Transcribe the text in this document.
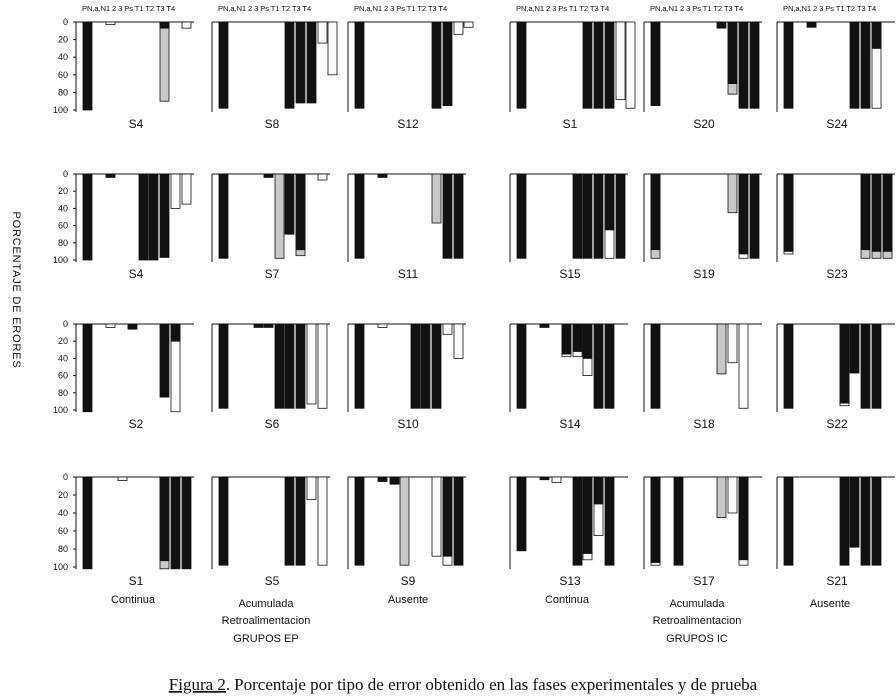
0
20
40
60
80
100
PN,a,N1 2 3 Ps T1 T2 T3 T4
S4
PN,a,N1 2 3 Ps T1 T2 T3 T4
S8
PN,a,N1 2 3 Ps T1 T2 T3 T4
S12
PN,a,N1 2 3 Ps T1 T2 T3 T4
S1
PN,a,N1 2 3 Ps T1 T2 T3 T4
S20
PN,a,N1 2 3 Ps T1 T2 T3 T4
S24
0
20
40
60
80
100
S4	S7	S11	S15	S19	S23
0
20
40
60
80
100
S2	S6	S10	S14	S18	S22
0
20
40
60
80
100
S1	S5	S9	S13	S17	S21
PORCENTAJE DE ERORES
Continua	Acumulada
Retroalimentacion
GRUPOS EP
Ausente	Continua	Acumulada
Retroalimentacion
GRUPOS IC
Ausente
Figura 2. Porcentaje por tipo de error obtenido en las fases experimentales y de prueba
